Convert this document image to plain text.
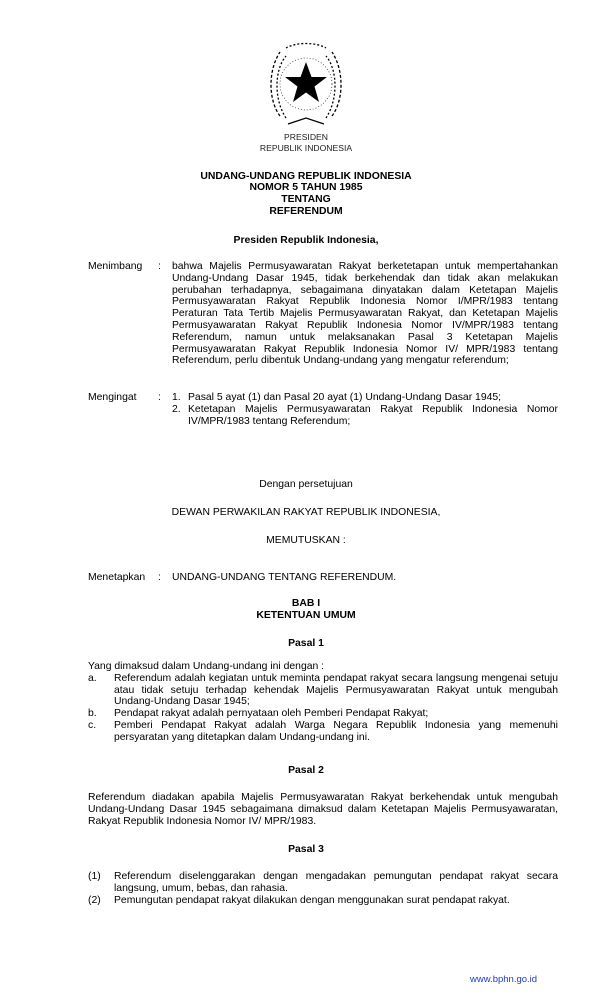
PRESIDEN
REPUBLIK INDONESIA
UNDANG-UNDANG REPUBLIK INDONESIA
NOMOR 5 TAHUN 1985
TENTANG
REFERENDUM
Presiden Republik Indonesia,
Menimbang : bahwa Majelis Permusyawaratan Rakyat berketetapan untuk mempertahankan Undang-Undang Dasar 1945, tidak berkehendak dan tidak akan melakukan perubahan terhadapnya, sebagaimana dinyatakan dalam Ketetapan Majelis Permusyawaratan Rakyat Republik Indonesia Nomor I/MPR/1983 tentang Peraturan Tata Tertib Majelis Permusyawaratan Rakyat, dan Ketetapan Majelis Permusyawaratan Rakyat Republik Indonesia Nomor IV/MPR/1983 tentang Referendum, namun untuk melaksanakan Pasal 3 Ketetapan Majelis Permusyawaratan Rakyat Republik Indonesia Nomor IV/ MPR/1983 tentang Referendum, perlu dibentuk Undang-undang yang mengatur referendum;
Mengingat : 1. Pasal 5 ayat (1) dan Pasal 20 ayat (1) Undang-Undang Dasar 1945;
2. Ketetapan Majelis Permusyawaratan Rakyat Republik Indonesia Nomor IV/MPR/1983 tentang Referendum;
Dengan persetujuan
DEWAN PERWAKILAN RAKYAT REPUBLIK INDONESIA,
MEMUTUSKAN :
Menetapkan : UNDANG-UNDANG TENTANG REFERENDUM.
BAB I
KETENTUAN UMUM
Pasal 1
Yang dimaksud dalam Undang-undang ini dengan :
a. Referendum adalah kegiatan untuk meminta pendapat rakyat secara langsung mengenai setuju atau tidak setuju terhadap kehendak Majelis Permusyawaratan Rakyat untuk mengubah Undang-Undang Dasar 1945;
b. Pendapat rakyat adalah pernyataan oleh Pemberi Pendapat Rakyat;
c. Pemberi Pendapat Rakyat adalah Warga Negara Republik Indonesia yang memenuhi persyaratan yang ditetapkan dalam Undang-undang ini.
Pasal 2
Referendum diadakan apabila Majelis Permusyawaratan Rakyat berkehendak untuk mengubah Undang-Undang Dasar 1945 sebagaimana dimaksud dalam Ketetapan Majelis Permusyawaratan, Rakyat Republik Indonesia Nomor IV/ MPR/1983.
Pasal 3
(1) Referendum diselenggarakan dengan mengadakan pemungutan pendapat rakyat secara langsung, umum, bebas, dan rahasia.
(2) Pemungutan pendapat rakyat dilakukan dengan menggunakan surat pendapat rakyat.
www.bphn.go.id
